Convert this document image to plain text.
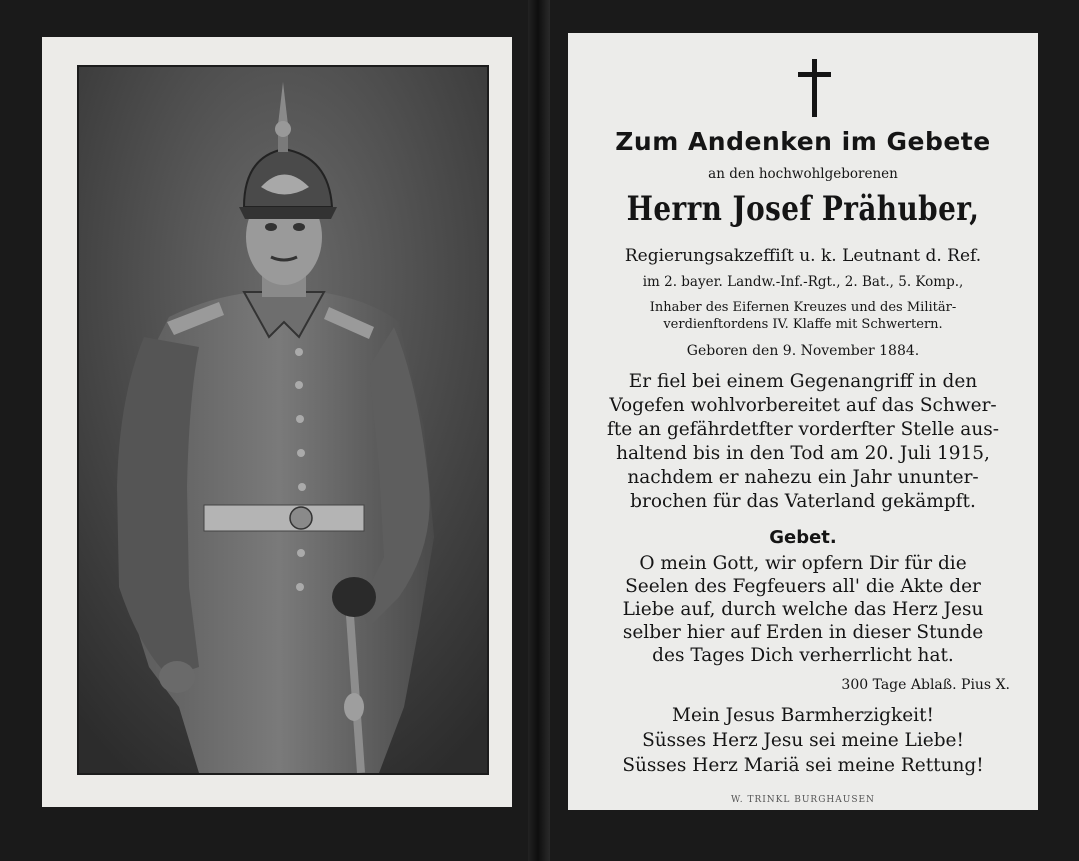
Zum Andenken im Gebete
an den hochwohlgeborenen
Herrn Josef Prähuber,
Regierungsakzeffiſt u. k. Leutnant d. Ref.
im 2. bayer. Landw.-Inf.-Rgt., 2. Bat., 5. Komp.,
Inhaber des Eifernen Kreuzes und des Militär-
verdienftordens IV. Klaffe mit Schwertern.
Geboren den 9. November 1884.
Er fiel bei einem Gegenangriff in den
Vogefen wohlvorbereitet auf das Schwer-
fte an gefährdetfter vorderfter Stelle aus-
haltend bis in den Tod am 20. Juli 1915,
nachdem er nahezu ein Jahr ununter-
brochen für das Vaterland gekämpft.
Gebet.
O mein Gott, wir opfern Dir für die
Seelen des Fegfeuers all' die Akte der
Liebe auf, durch welche das Herz Jesu
selber hier auf Erden in dieser Stunde
des Tages Dich verherrlicht hat.
300 Tage Ablaß. Pius X.
Mein Jesus Barmherzigkeit!
Süsses Herz Jesu sei meine Liebe!
Süsses Herz Mariä sei meine Rettung!
W. TRINKL BURGHAUSEN
